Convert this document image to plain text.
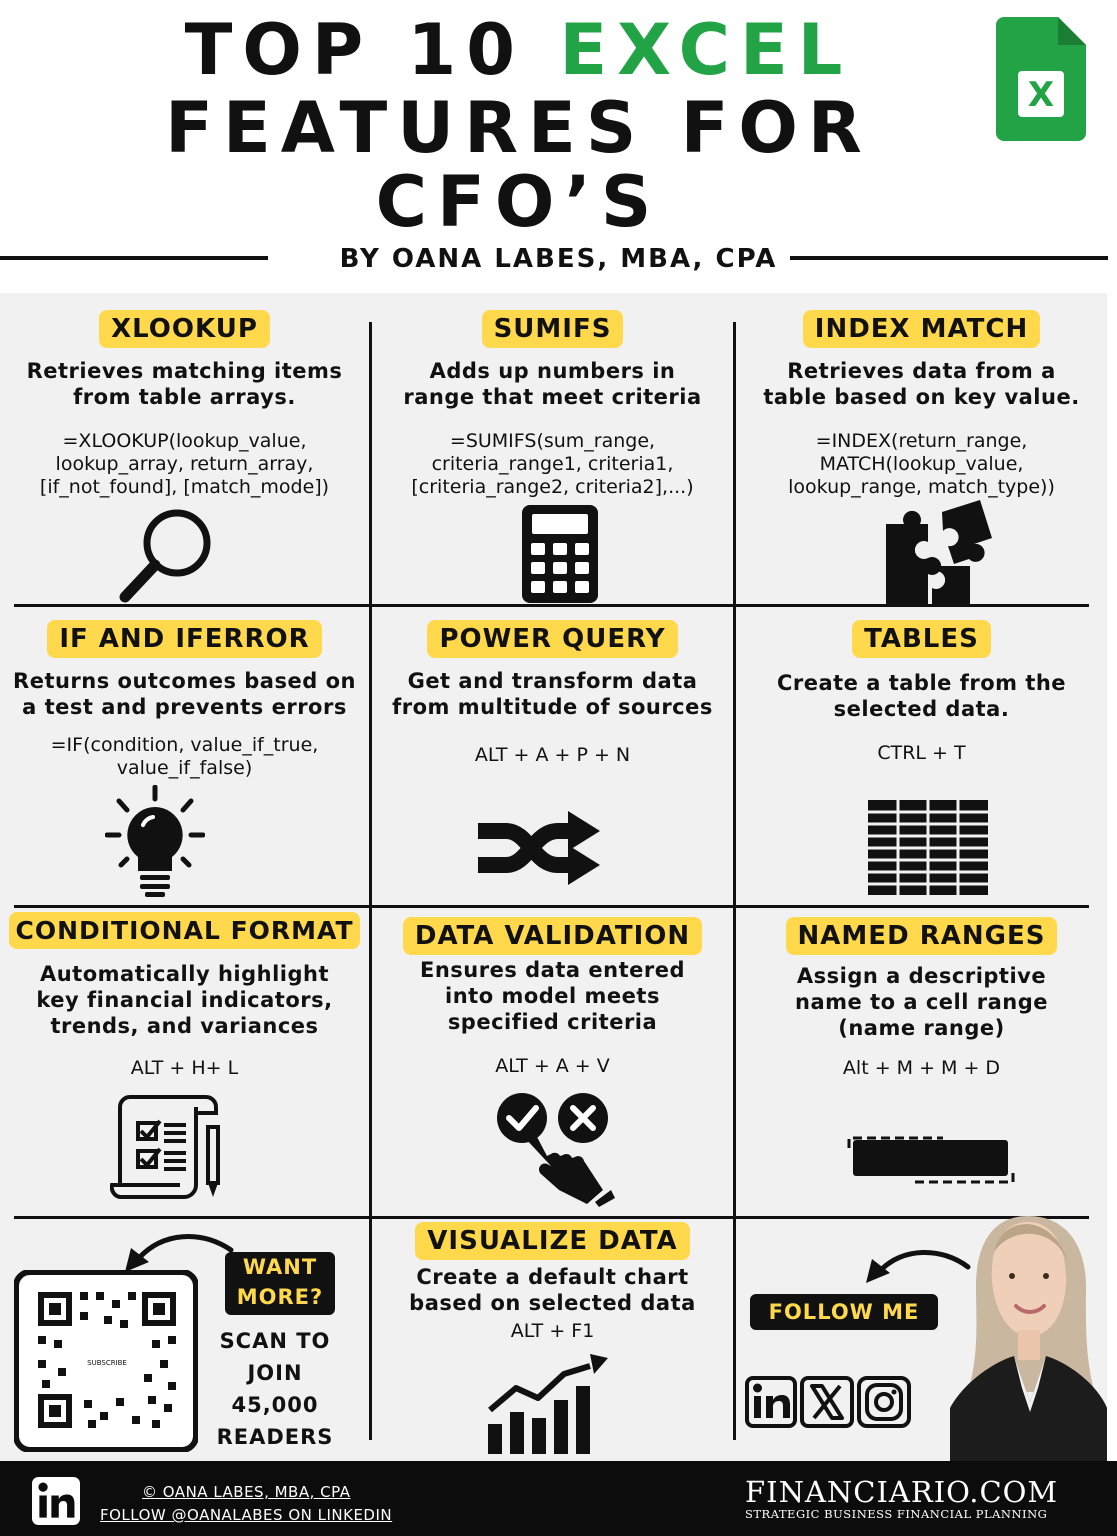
TOP 10 EXCEL
FEATURES FOR
CFO’S
X
BY OANA LABES, MBA, CPA
XLOOKUP
Retrieves matching items
from table arrays.
=XLOOKUP(lookup_value,
lookup_array, return_array,
[if_not_found], [match_mode])
SUMIFS
Adds up numbers in
range that meet criteria
=SUMIFS(sum_range,
criteria_range1, criteria1,
[criteria_range2, criteria2],...)
INDEX MATCH
Retrieves data from a
table based on key value.
=INDEX(return_range,
MATCH(lookup_value,
lookup_range, match_type))
IF AND IFERROR
Returns outcomes based on
a test and prevents errors
=IF(condition, value_if_true,
value_if_false)
POWER QUERY
Get and transform data
from multitude of sources
ALT + A + P + N
TABLES
Create a table from the
selected data.
CTRL + T
CONDITIONAL FORMAT
Automatically highlight
key financial indicators,
trends, and variances
ALT + H+ L
DATA VALIDATION
Ensures data entered
into model meets
specified criteria
ALT + A + V
NAMED RANGES
Assign a descriptive
name to a cell range
(name range)
Alt + M + M + D
SUBSCRIBE
WANT
MORE?
SCAN TO
JOIN
45,000
READERS
VISUALIZE DATA
Create a default chart
based on selected data
ALT + F1
FOLLOW ME
© OANA LABES, MBA, CPA
FOLLOW @OANALABES ON LINKEDIN
FINANCIARIO.COM
STRATEGIC BUSINESS FINANCIAL PLANNING
